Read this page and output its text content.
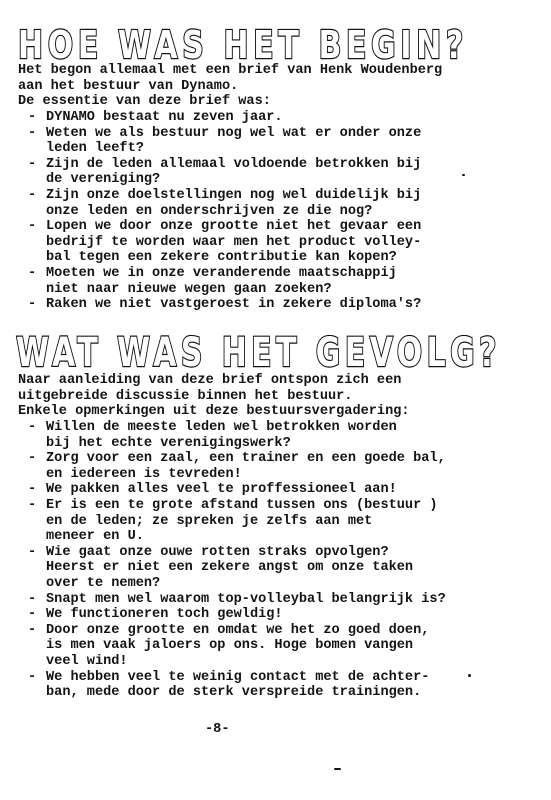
HOE WAS HET BEGIN?

Het begon allemaal met een brief van Henk Woudenberg

aan het bestuur van Dynamo.

De essentie van deze brief was:

- DYNAMO bestaat nu zeven jaar.

- Weten we als bestuur nog wel wat er onder onze

leden leeft?

- Zijn de leden allemaal voldoende betrokken bij

de vereniging?

- Zijn onze doelstellingen nog wel duidelijk bij

onze leden en onderschrijven ze die nog?

- Lopen we door onze grootte niet het gevaar een

bedrijf te worden waar men het product volley-

bal tegen een zekere contributie kan kopen?

- Moeten we in onze veranderende maatschappij

niet naar nieuwe wegen gaan zoeken?

- Raken we niet vastgeroest in zekere diploma's?

WAT WAS HET GEVOLG?

Naar aanleiding van deze brief ontspon zich een

uitgebreide discussie binnen het bestuur.

Enkele opmerkingen uit deze bestuursvergadering:

- Willen de meeste leden wel betrokken worden

bij het echte verenigingswerk?

- Zorg voor een zaal, een trainer en een goede bal,

en iedereen is tevreden!

- We pakken alles veel te proffessioneel aan!

- Er is een te grote afstand tussen ons (bestuur )

en de leden; ze spreken je zelfs aan met

meneer en U.

- Wie gaat onze ouwe rotten straks opvolgen?

Heerst er niet een zekere angst om onze taken

over te nemen?

- Snapt men wel waarom top-volleybal belangrijk is?

- We functioneren toch gewldig!

- Door onze grootte en omdat we het zo goed doen,

is men vaak jaloers op ons. Hoge bomen vangen

veel wind!

- We hebben veel te weinig contact met de achter-

ban, mede door de sterk verspreide trainingen.

-8-
